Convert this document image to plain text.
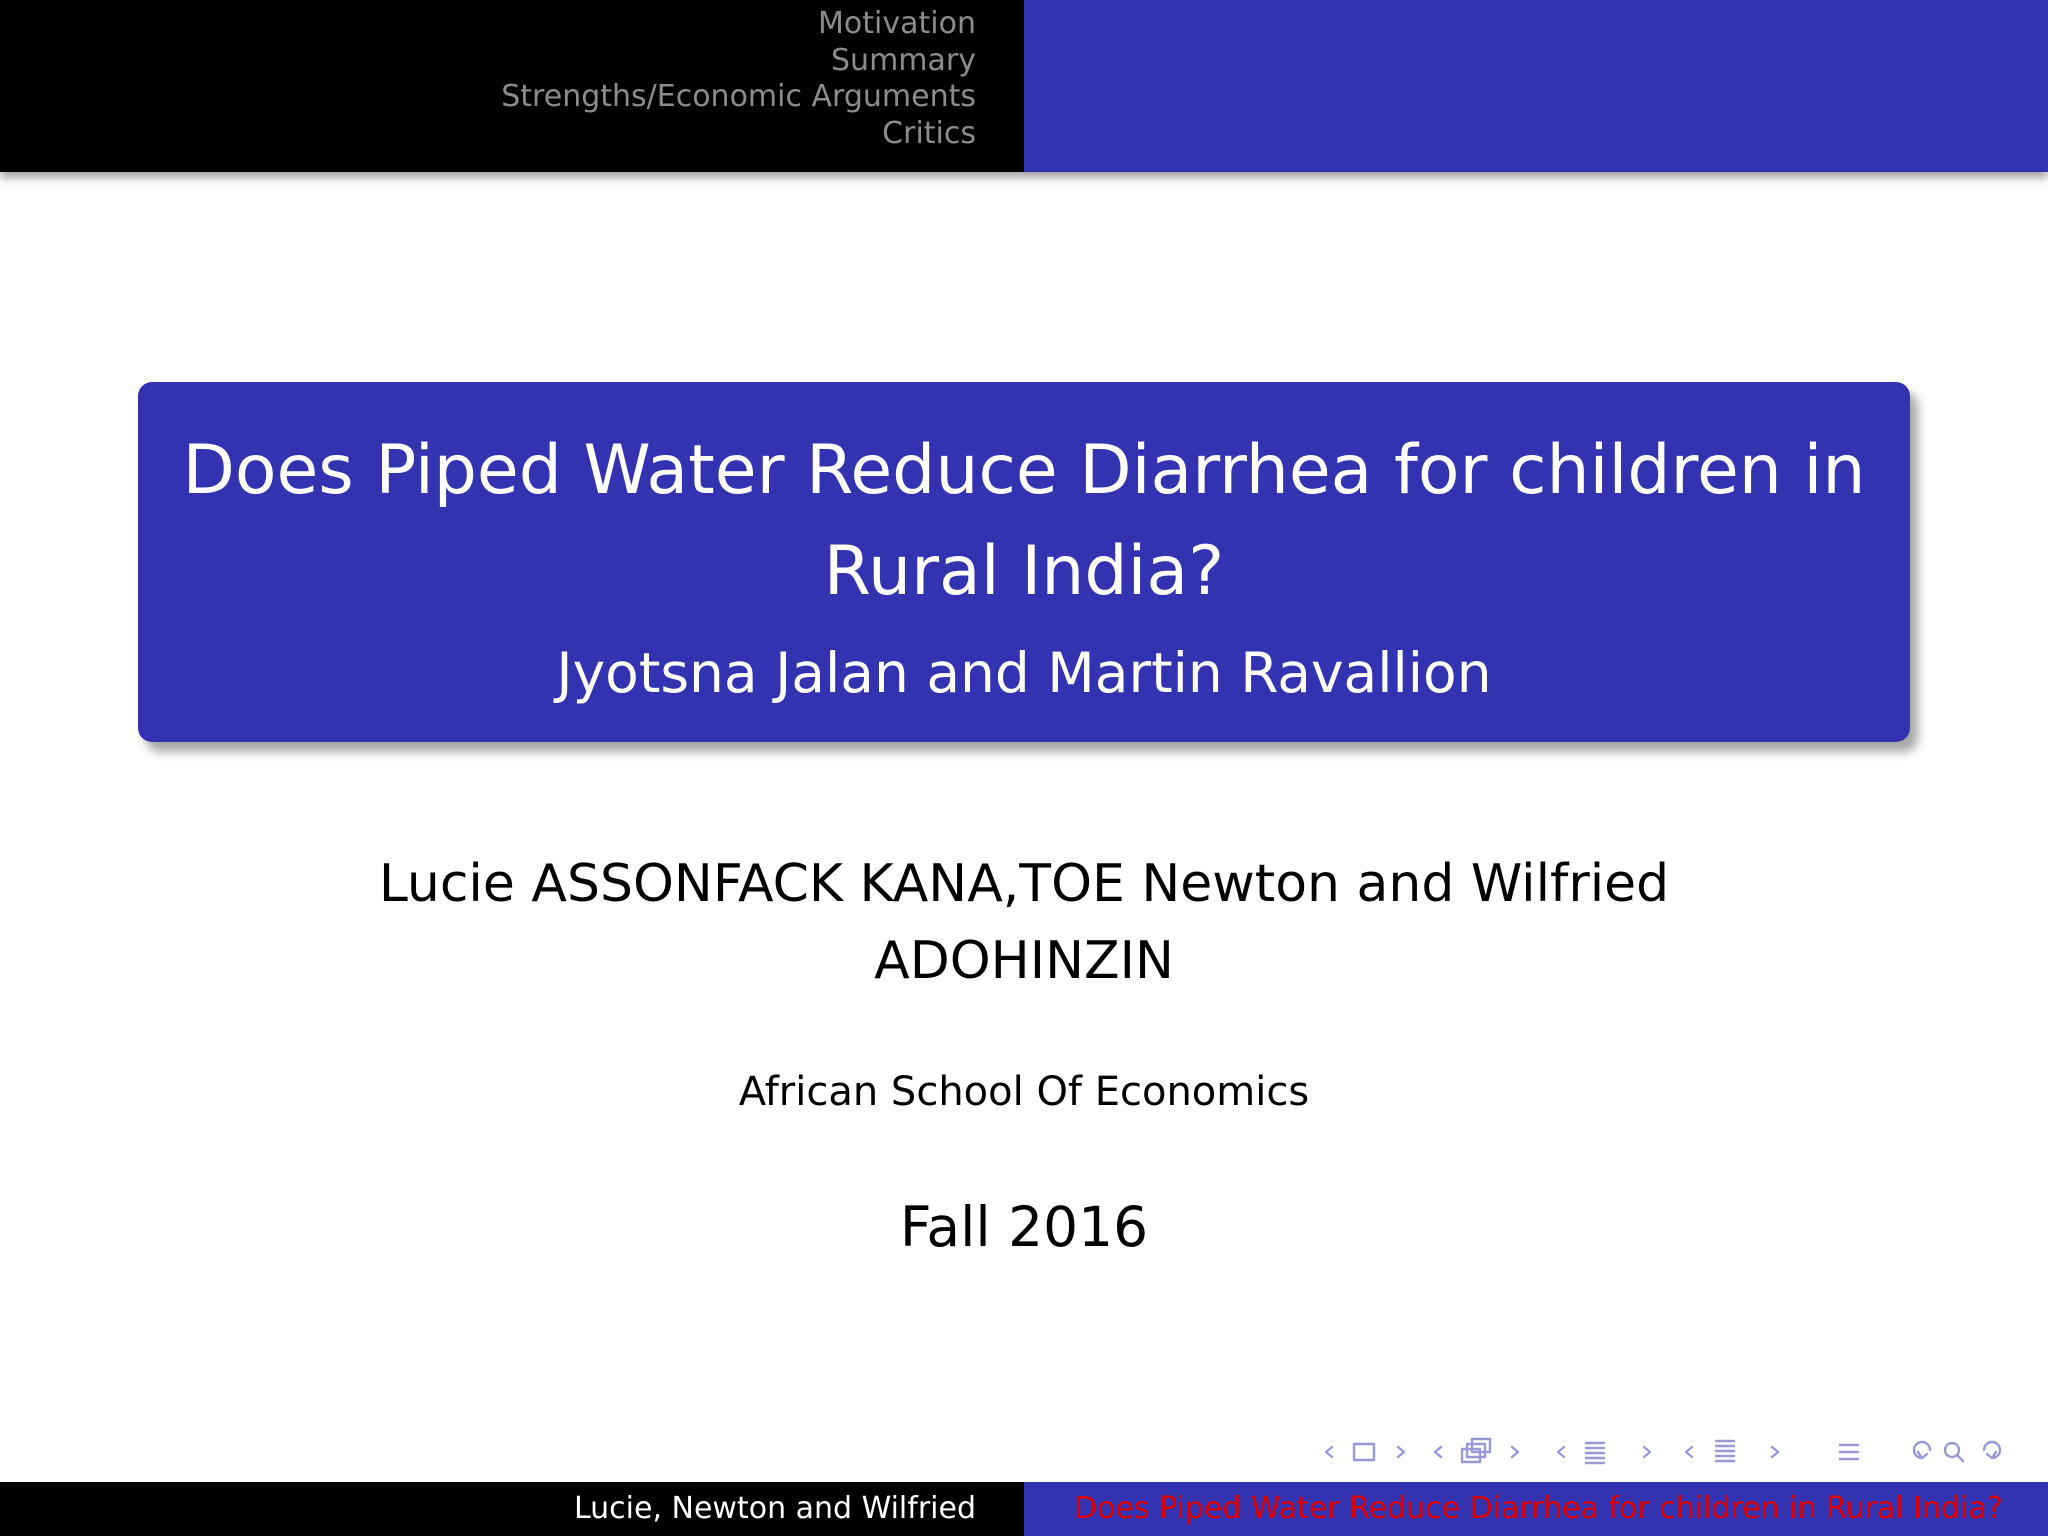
Motivation
Summary
Strengths/Economic Arguments
Critics
Does Piped Water Reduce Diarrhea for children in Rural India?
Jyotsna Jalan and Martin Ravallion
Lucie ASSONFACK KANA,TOE Newton and Wilfried ADOHINZIN
African School Of Economics
Fall 2016
Lucie, Newton and Wilfried	Does Piped Water Reduce Diarrhea for children in Rural India?
